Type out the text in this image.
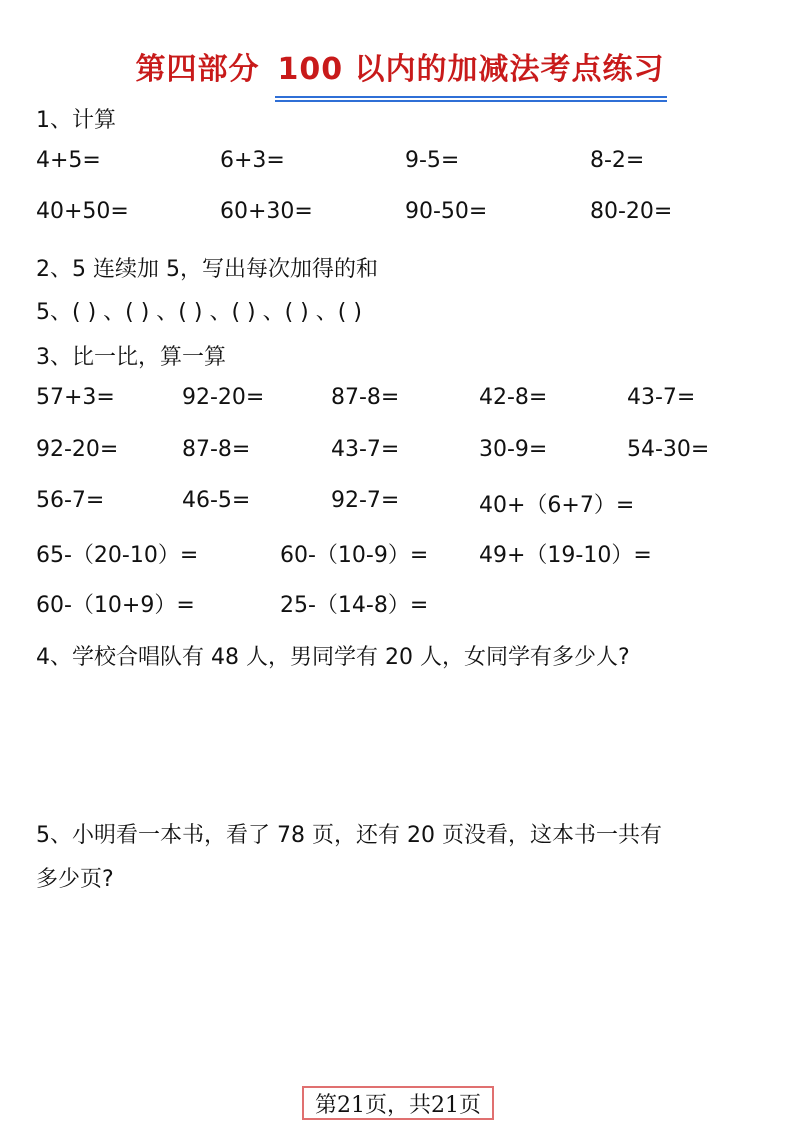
第四部分 100 以内的加减法考点练习
1、计算
4+5=	6+3=	9-5=	8-2=
40+50=	60+30=	90-50=	80-20=
2、5 连续加 5，写出每次加得的和
5、( ) 、( ) 、( ) 、( ) 、( ) 、( )
3、比一比，算一算
57+3=	92-20=	87-8=	42-8=	43-7=
92-20=	87-8=	43-7=	30-9=	54-30=
56-7=	46-5=	92-7=	40+（6+7）=
65-（20-10）=	60-（10-9）= 49+（19-10）=
60-（10+9）=	25-（14-8）=
4、学校合唱队有 48 人，男同学有 20 人，女同学有多少人?
5、小明看一本书，看了 78 页，还有 20 页没看，这本书一共有
多少页?
第21页，共21页
